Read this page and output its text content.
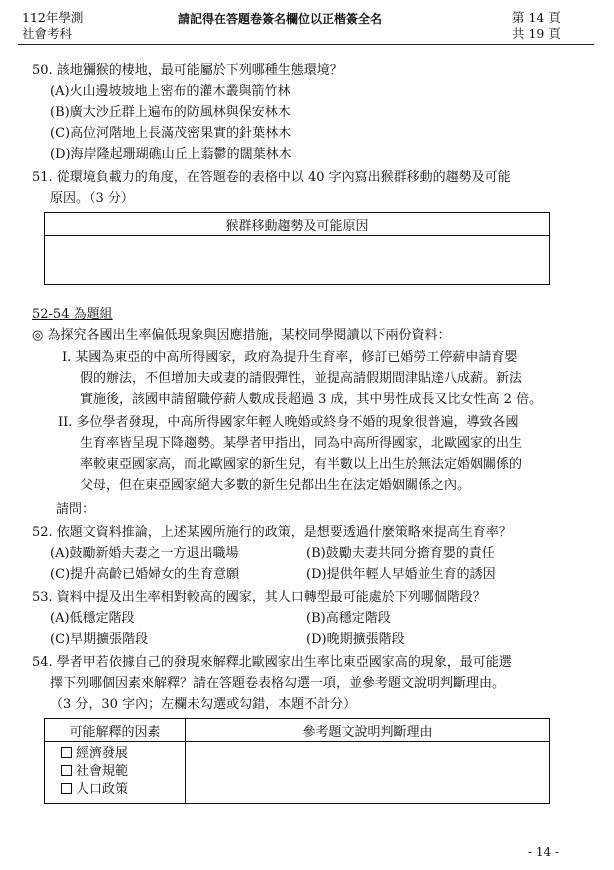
112年學測
社會考科
請記得在答題卷簽名欄位以正楷簽全名	第 14 頁
共 19 頁
50. 該地獼猴的棲地，最可能屬於下列哪種生態環境？
(A)火山邊坡坡地上密布的灌木叢與箭竹林
(B)廣大沙丘群上遍布的防風林與保安林木
(C)高位河階地上長滿茂密果實的針葉林木
(D)海岸隆起珊瑚礁山丘上蓊鬱的闊葉林木
51. 從環境負載力的角度，在答題卷的表格中以 40 字內寫出猴群移動的趨勢及可能
原因。（3 分）
猴群移動趨勢及可能原因

52-54 為題組
◎ 為探究各國出生率偏低現象與因應措施，某校同學閱讀以下兩份資料：
I. 某國為東亞的中高所得國家，政府為提升生育率，修訂已婚勞工停薪申請育嬰
假的辦法，不但增加夫或妻的請假彈性，並提高請假期間津貼達八成薪。新法
實施後，該國申請留職停薪人數成長超過 3 成，其中男性成長又比女性高 2 倍。
II. 多位學者發現，中高所得國家年輕人晚婚或終身不婚的現象很普遍，導致各國
生育率皆呈現下降趨勢。某學者甲指出，同為中高所得國家，北歐國家的出生
率較東亞國家高，而北歐國家的新生兒，有半數以上出生於無法定婚姻關係的
父母，但在東亞國家絕大多數的新生兒都出生在法定婚姻關係之內。
請問：
52. 依題文資料推論，上述某國所施行的政策，是想要透過什麼策略來提高生育率？
(A)鼓勵新婚夫妻之一方退出職場	(B)鼓勵夫妻共同分擔育嬰的責任
(C)提升高齡已婚婦女的生育意願	(D)提供年輕人早婚並生育的誘因
53. 資料中提及出生率相對較高的國家，其人口轉型最可能處於下列哪個階段？
(A)低穩定階段	(B)高穩定階段
(C)早期擴張階段	(D)晚期擴張階段
54. 學者甲若依據自己的發現來解釋北歐國家出生率比東亞國家高的現象，最可能選
擇下列哪個因素來解釋？請在答題卷表格勾選一項，並參考題文說明判斷理由。
（3 分，30 字內；左欄未勾選或勾錯，本題不計分）
可能解釋的因素	參考題文說明判斷理由

經濟發展
社會規範
人口政策	

- 14 -
